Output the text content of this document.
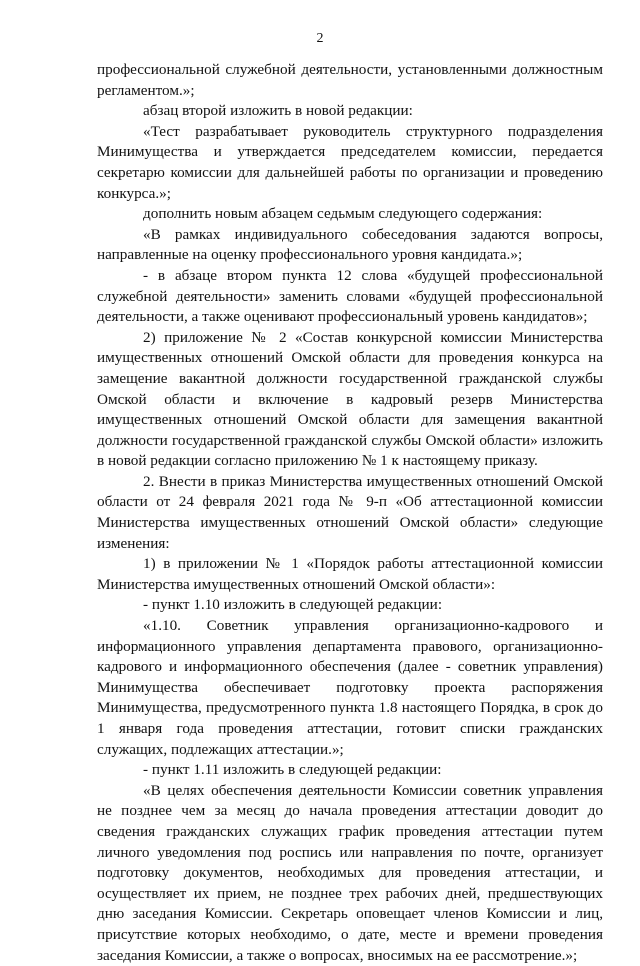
2

профессиональной служебной деятельности, установленными должностным регламентом.»;

абзац второй изложить в новой редакции:

«Тест разрабатывает руководитель структурного подразделения Минимущества и утверждается председателем комиссии, передается секретарю комиссии для дальнейшей работы по организации и проведению конкурса.»;

дополнить новым абзацем седьмым следующего содержания:

«В рамках индивидуального собеседования задаются вопросы, направленные на оценку профессионального уровня кандидата.»;

- в абзаце втором пункта 12 слова «будущей профессиональной служебной деятельности» заменить словами «будущей профессиональной деятельности, а также оценивают профессиональный уровень кандидатов»;

2) приложение № 2 «Состав конкурсной комиссии Министерства имущественных отношений Омской области для проведения конкурса на замещение вакантной должности государственной гражданской службы Омской области и включение в кадровый резерв Министерства имущественных отношений Омской области для замещения вакантной должности государственной гражданской службы Омской области» изложить в новой редакции согласно приложению № 1 к настоящему приказу.

2. Внести в приказ Министерства имущественных отношений Омской области от 24 февраля 2021 года № 9-п «Об аттестационной комиссии Министерства имущественных отношений Омской области» следующие изменения:

1) в приложении № 1 «Порядок работы аттестационной комиссии Министерства имущественных отношений Омской области»:

- пункт 1.10 изложить в следующей редакции:

«1.10. Советник управления организационно-кадрового и информационного управления департамента правового, организационно-кадрового и информационного обеспечения (далее - советник управления) Минимущества обеспечивает подготовку проекта распоряжения Минимущества, предусмотренного пункта 1.8 настоящего Порядка, в срок до 1 января года проведения аттестации, готовит списки гражданских служащих, подлежащих аттестации.»;

- пункт 1.11 изложить в следующей редакции:

«В целях обеспечения деятельности Комиссии советник управления не позднее чем за месяц до начала проведения аттестации доводит до сведения гражданских служащих график проведения аттестации путем личного уведомления под роспись или направления по почте, организует подготовку документов, необходимых для проведения аттестации, и осуществляет их прием, не позднее трех рабочих дней, предшествующих дню заседания Комиссии. Секретарь оповещает членов Комиссии и лиц, присутствие которых необходимо, о дате, месте и времени проведения заседания Комиссии, а также о вопросах, вносимых на ее рассмотрение.»;
